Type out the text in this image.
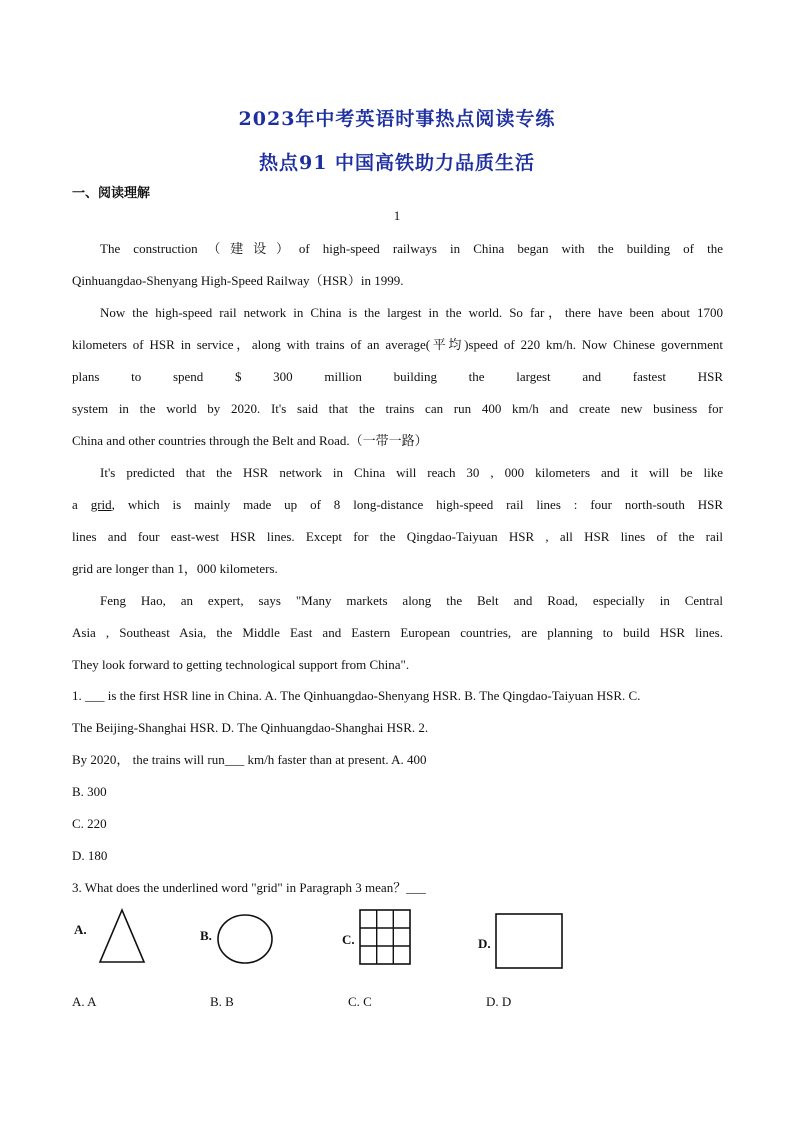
2023年中考英语时事热点阅读专练
热点91 中国高铁助力品质生活
一、阅读理解
1
The construction（建设）of high-speed railways in China began with the building of the
Qinhuangdao-Shenyang High-Speed Railway（HSR）in 1999.
Now the high-speed rail network in China is the largest in the world. So far，there have been about 1700
kilometers of HSR in service，along with trains of an average(平均)speed of 220 km/h. Now Chinese government
plans to spend $ 300 million building the largest and fastest HSR
system in the world by 2020. It's said that the trains can run 400 km/h and create new business for
China and other countries through the Belt and Road.（一带一路）
It's predicted that the HSR network in China will reach 30 , 000 kilometers and it will be like
a grid, which is mainly made up of 8 long-distance high-speed rail lines : four north-south HSR
lines and four east-west HSR lines. Except for the Qingdao-Taiyuan HSR , all HSR lines of the rail
grid are longer than 1，000 kilometers.
Feng Hao, an expert, says "Many markets along the Belt and Road, especially in Central
Asia , Southeast Asia, the Middle East and Eastern European countries, are planning to build HSR lines.
They look forward to getting technological support from China".
1. ___ is the first HSR line in China. A. The Qinhuangdao-Shenyang HSR. B. The Qingdao-Taiyuan HSR. C.
The Beijing-Shanghai HSR. D. The Qinhuangdao-Shanghai HSR. 2.
By 2020， the trains will run___ km/h faster than at present. A. 400
B. 300
C. 220
D. 180
3. What does the underlined word "grid" in Paragraph 3 mean？___
A.	B.	C.	D.
A. A	B. B	C. C	D. D
